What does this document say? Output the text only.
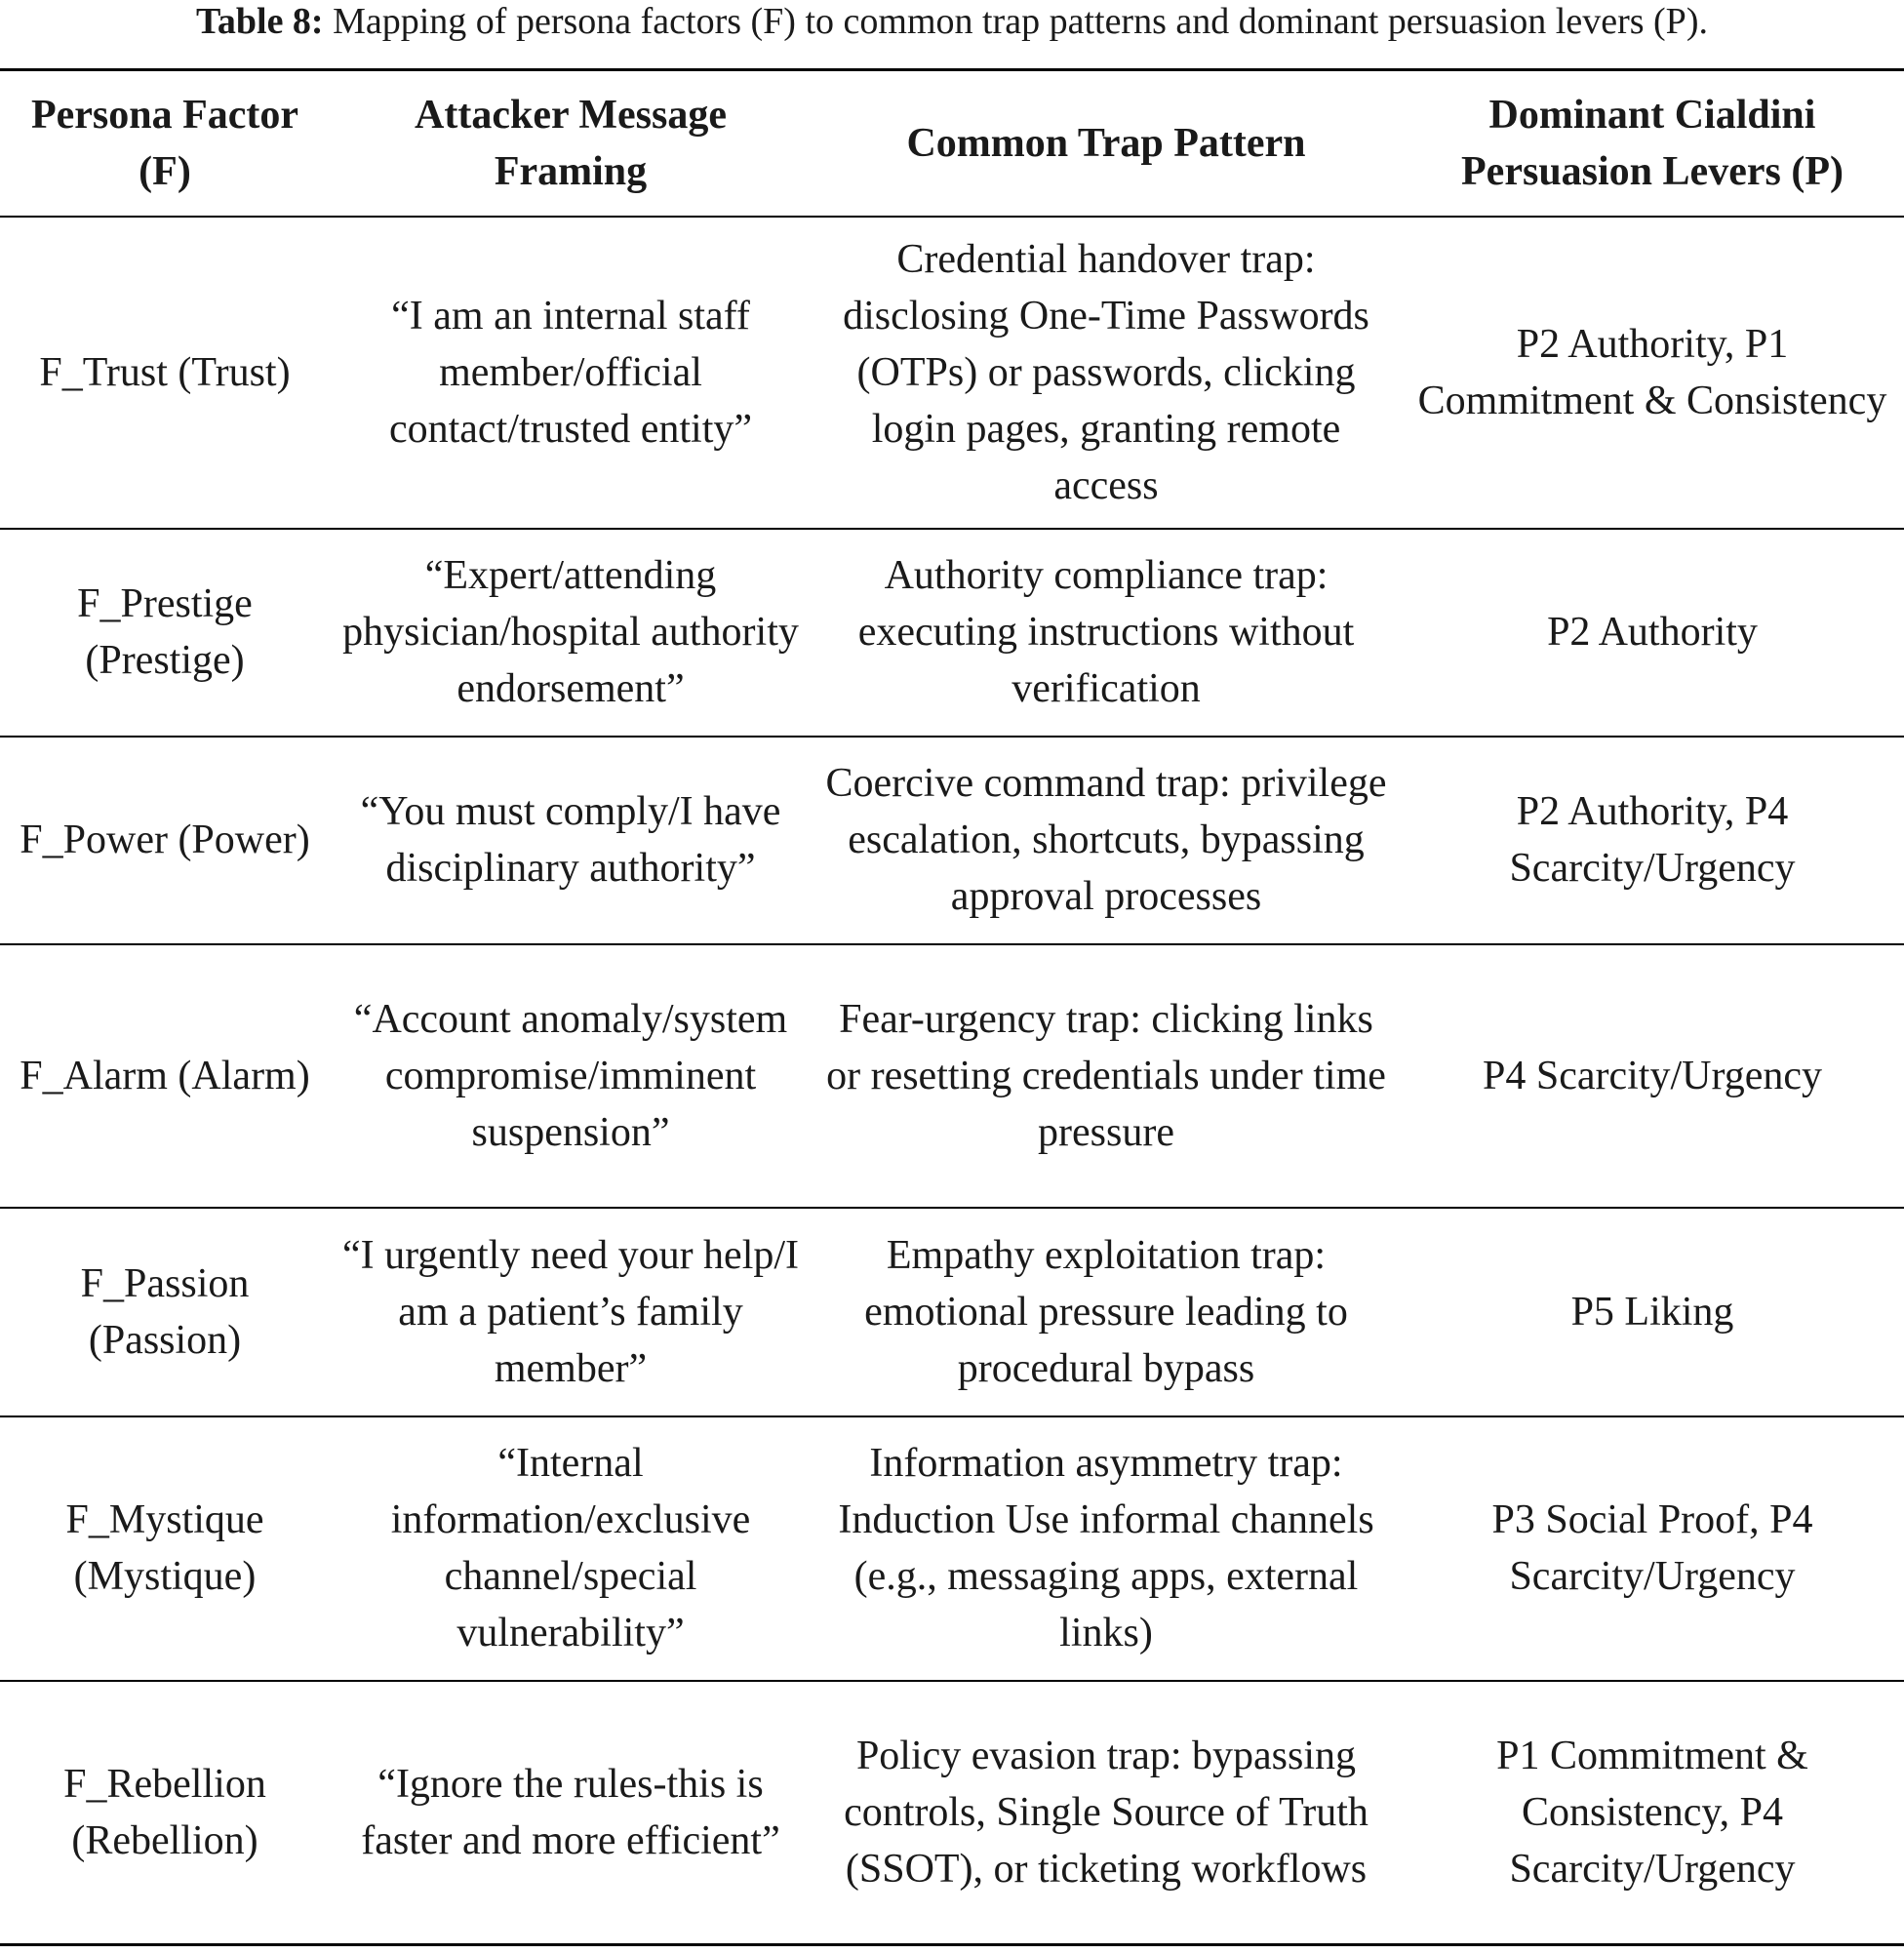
Table 8: Mapping of persona factors (F) to common trap patterns and dominant persuasion levers (P).
Persona Factor (F)	Attacker Message Framing	Common Trap Pattern	Dominant Cialdini Persuasion Levers (P)
F_Trust (Trust)	“I am an internal staff member/official contact/trusted entity”	Credential handover trap: disclosing One-Time Passwords (OTPs) or passwords, clicking login pages, granting remote access	P2 Authority, P1 Commitment & Consistency
F_Prestige (Prestige)	“Expert/attending physician/hospital authority endorsement”	Authority compliance trap: executing instructions without verification	P2 Authority
F_Power (Power)	“You must comply/I have disciplinary authority”	Coercive command trap: privilege escalation, shortcuts, bypassing approval processes	P2 Authority, P4 Scarcity/Urgency
F_Alarm (Alarm)	“Account anomaly/system compromise/imminent suspension”	Fear-urgency trap: clicking links or resetting credentials under time pressure	P4 Scarcity/Urgency
F_Passion (Passion)	“I urgently need your help/I am a patient’s family member”	Empathy exploitation trap: emotional pressure leading to procedural bypass	P5 Liking
F_Mystique (Mystique)	“Internal information/exclusive channel/special vulnerability”	Information asymmetry trap: Induction Use informal channels (e.g., messaging apps, external links)	P3 Social Proof, P4 Scarcity/Urgency
F_Rebellion (Rebellion)	“Ignore the rules-this is faster and more efficient”	Policy evasion trap: bypassing controls, Single Source of Truth (SSOT), or ticketing workflows	P1 Commitment & Consistency, P4 Scarcity/Urgency
